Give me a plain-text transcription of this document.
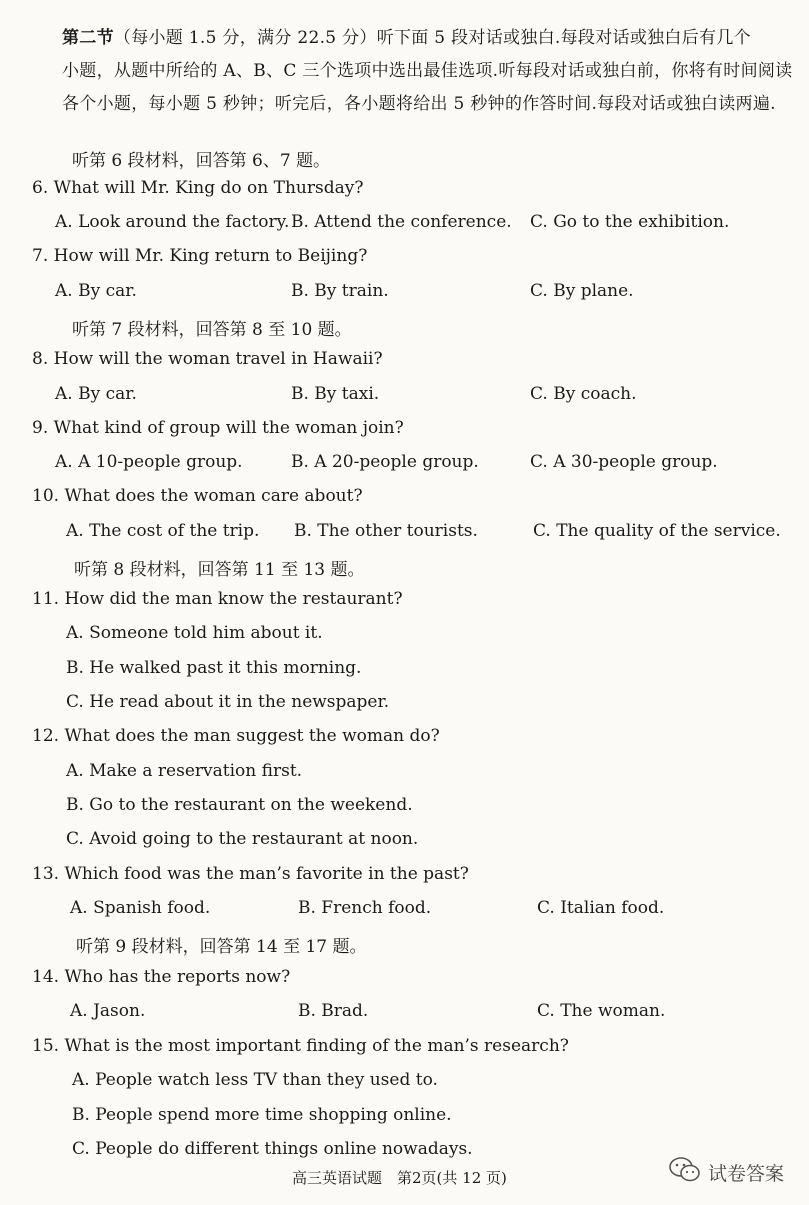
第二节（每小题 1.5 分，满分 22.5 分）听下面 5 段对话或独白.每段对话或独白后有几个
小题，从题中所给的 A、B、C 三个选项中选出最佳选项.听每段对话或独白前，你将有时间阅读
各个小题，每小题 5 秒钟；听完后，各小题将给出 5 秒钟的作答时间.每段对话或独白读两遍.
听第 6 段材料，回答第 6、7 题。
6. What will Mr. King do on Thursday?
A. Look around the factory. B. Attend the conference. C. Go to the exhibition.
7. How will Mr. King return to Beijing?
A. By car.	B. By train.	C. By plane.
听第 7 段材料，回答第 8 至 10 题。
8. How will the woman travel in Hawaii?
A. By car.	B. By taxi.	C. By coach.
9. What kind of group will the woman join?
A. A 10-people group.	B. A 20-people group.	C. A 30-people group.
10. What does the woman care about?
A. The cost of the trip. B. The other tourists.	C. The quality of the service.
听第 8 段材料，回答第 11 至 13 题。
11. How did the man know the restaurant?
A. Someone told him about it.
B. He walked past it this morning.
C. He read about it in the newspaper.
12. What does the man suggest the woman do?
A. Make a reservation first.
B. Go to the restaurant on the weekend.
C. Avoid going to the restaurant at noon.
13. Which food was the man’s favorite in the past?
A. Spanish food.	B. French food.	C. Italian food.
听第 9 段材料，回答第 14 至 17 题。
14. Who has the reports now?
A. Jason.	B. Brad.	C. The woman.
15. What is the most important finding of the man’s research?
A. People watch less TV than they used to.
B. People spend more time shopping online.
C. People do different things online nowadays.
高三英语试题　第2页(共 12 页)	试卷答案
